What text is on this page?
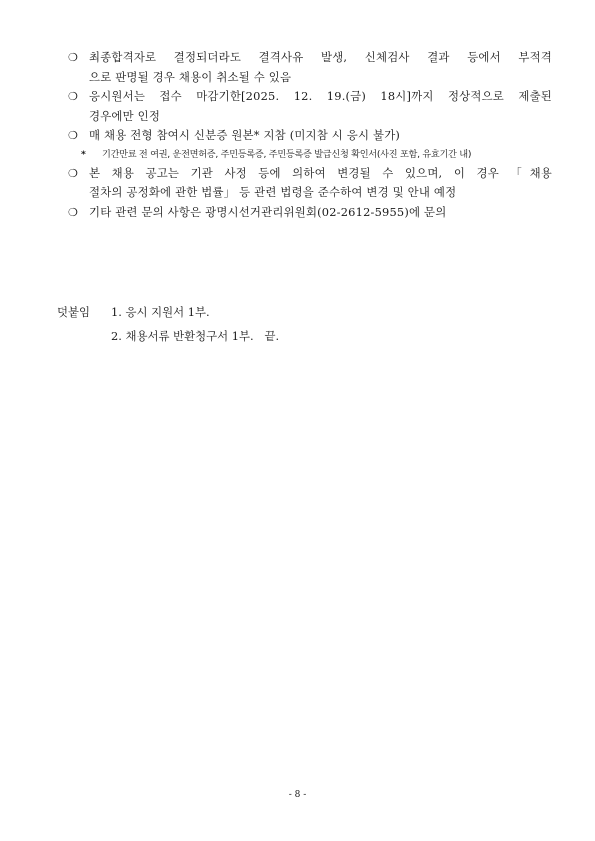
❍ 최종합격자로 결정되더라도 결격사유 발생, 신체검사 결과 등에서 부적격
으로 판명될 경우 채용이 취소될 수 있음
❍ 응시원서는 접수 마감기한[2025. 12. 19.(금) 18시]까지 정상적으로 제출된
경우에만 인정
❍ 매 채용 전형 참여시 신분증 원본* 지참 (미지참 시 응시 불가)
* 기간만료 전 여권, 운전면허증, 주민등록증, 주민등록증 발급신청 확인서(사진 포함, 유효기간 내)
❍ 본 채용 공고는 기관 사정 등에 의하여 변경될 수 있으며, 이 경우 「채용
절차의 공정화에 관한 법률」 등 관련 법령을 준수하여 변경 및 안내 예정
❍ 기타 관련 문의 사항은 광명시선거관리위원회(02-2612-5955)에 문의
덧붙임 1. 응시 지원서 1부.
2. 채용서류 반환청구서 1부.   끝.
- 8 -
